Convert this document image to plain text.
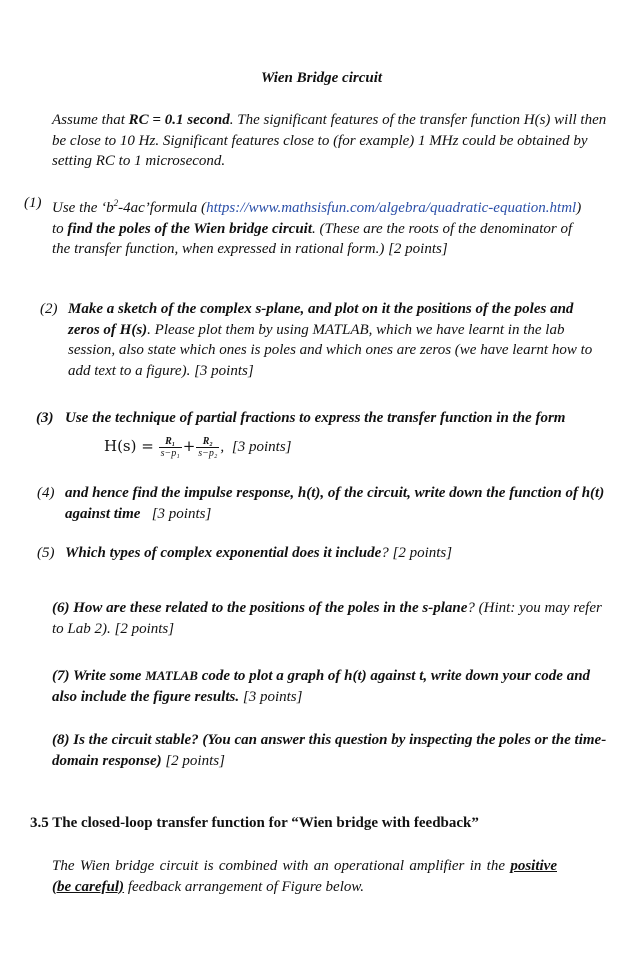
Wien Bridge circuit
Assume that RC = 0.1 second. The significant features of the transfer function H(s) will then be close to 10 Hz. Significant features close to (for example) 1 MHz could be obtained by setting RC to 1 microsecond.
(1) Use the ‘$b^2-4ac’formula$ (https://www.mathsisfun.com/algebra/quadratic-equation.html) to find the poles of the Wien bridge circuit. (These are the roots of the denominator of the transfer function, when expressed in rational form.) [2 points]
(2) Make a sketch of the complex s-plane, and plot on it the positions of the poles and zeros of H(s). Please plot them by using MATLAB, which we have learnt in the lab session, also state which ones is poles and which ones are zeros (we have learnt how to add text to a figure). [3 points]
(3) Use the technique of partial fractions to express the transfer function in the form
$H(s) = \frac{\text{R₁}}{\text{s−p₁}} + \frac{\text{R₂}}{\text{s−p₂}}$ , [3 points]
(4) and hence find the impulse response, h(t), of the circuit, write down the function of h(t) against time [3 points]
(5) Which types of complex exponential does it include? [2 points]
(6) How are these related to the positions of the poles in the s-plane? (Hint: you may refer to Lab 2). [2 points]
(7) Write some MATLAB code to plot a graph of h(t) against t, write down your code and also include the figure results. [3 points]
(8) Is the circuit stable? (You can answer this question by inspecting the poles or the time-domain response) [2 points]
3.5 The closed-loop transfer function for “Wien bridge with feedback”
The Wien bridge circuit is combined with an operational amplifier in the positive (be careful) feedback arrangement of Figure below.
